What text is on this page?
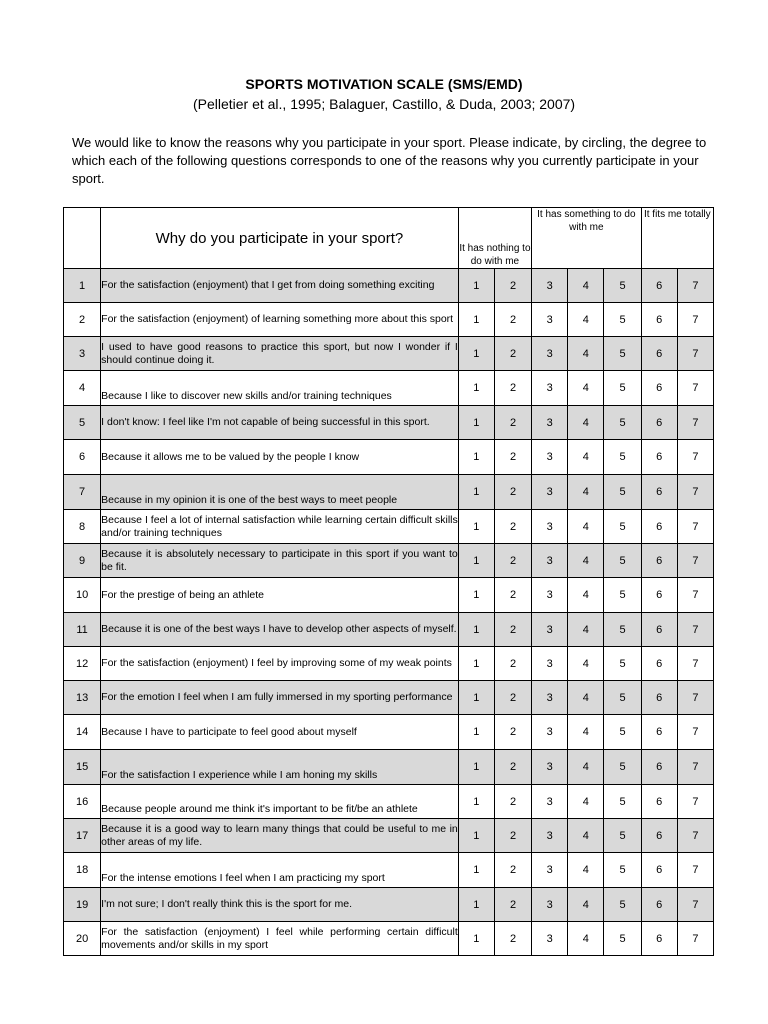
SPORTS MOTIVATION SCALE (SMS/EMD)
(Pelletier et al., 1995; Balaguer, Castillo, & Duda, 2003; 2007)
We would like to know the reasons why you participate in your sport. Please indicate, by circling, the degree to which each of the following questions corresponds to one of the reasons why you currently participate in your sport.
	Why do you participate in your sport?	It has nothing to do with me		It has something to do with me			It fits me totally	
1	For the satisfaction (enjoyment) that I get from doing something exciting	1	2	3	4	5	6	7
2	For the satisfaction (enjoyment) of learning something more about this sport	1	2	3	4	5	6	7
3	I used to have good reasons to practice this sport, but now I wonder if I should continue doing it.	1	2	3	4	5	6	7
4	Because I like to discover new skills and/or training techniques	1	2	3	4	5	6	7
5	I don't know: I feel like I'm not capable of being successful in this sport.	1	2	3	4	5	6	7
6	Because it allows me to be valued by the people I know	1	2	3	4	5	6	7
7	Because in my opinion it is one of the best ways to meet people	1	2	3	4	5	6	7
8	Because I feel a lot of internal satisfaction while learning certain difficult skills and/or training techniques	1	2	3	4	5	6	7
9	Because it is absolutely necessary to participate in this sport if you want to be fit.	1	2	3	4	5	6	7
10	For the prestige of being an athlete	1	2	3	4	5	6	7
11	Because it is one of the best ways I have to develop other aspects of myself.	1	2	3	4	5	6	7
12	For the satisfaction (enjoyment) I feel by improving some of my weak points	1	2	3	4	5	6	7
13	For the emotion I feel when I am fully immersed in my sporting performance	1	2	3	4	5	6	7
14	Because I have to participate to feel good about myself	1	2	3	4	5	6	7
15	For the satisfaction I experience while I am honing my skills	1	2	3	4	5	6	7
16	Because people around me think it's important to be fit/be an athlete	1	2	3	4	5	6	7
17	Because it is a good way to learn many things that could be useful to me in other areas of my life.	1	2	3	4	5	6	7
18	For the intense emotions I feel when I am practicing my sport	1	2	3	4	5	6	7
19	I'm not sure; I don't really think this is the sport for me.	1	2	3	4	5	6	7
20	For the satisfaction (enjoyment) I feel while performing certain difficult movements and/or skills in my sport	1	2	3	4	5	6	7
